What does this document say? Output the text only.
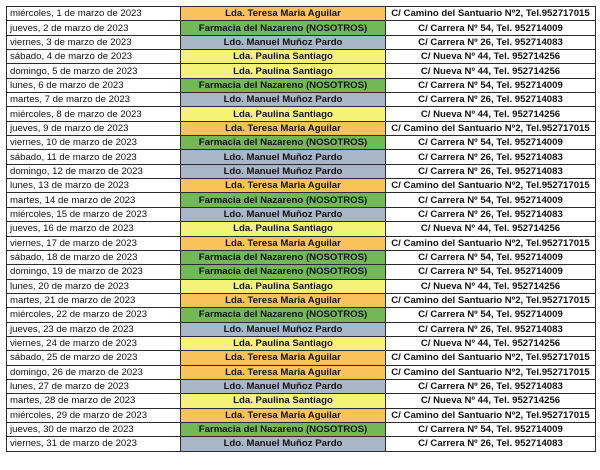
miércoles, 1 de marzo de 2023	Lda. Teresa Maria Aguilar	C/ Camino del Santuario Nº2, Tel.952717015
jueves, 2 de marzo de 2023	Farmacia del Nazareno (NOSOTROS)	C/ Carrera Nº 54, Tel. 952714009
viernes, 3 de marzo de 2023	Ldo. Manuel Muñoz Pardo	C/ Carrera Nº 26, Tel. 952714083
sábado, 4 de marzo de 2023	Lda. Paulina Santiago	C/ Nueva Nº 44, Tel. 952714256
domingo, 5 de marzo de 2023	Lda. Paulina Santiago	C/ Nueva Nº 44, Tel. 952714256
lunes, 6 de marzo de 2023	Farmacia del Nazareno (NOSOTROS)	C/ Carrera Nº 54, Tel. 952714009
martes, 7 de marzo de 2023	Ldo. Manuel Muñoz Pardo	C/ Carrera Nº 26, Tel. 952714083
miércoles, 8 de marzo de 2023	Lda. Paulina Santiago	C/ Nueva Nº 44, Tel. 952714256
jueves, 9 de marzo de 2023	Lda. Teresa Maria Aguilar	C/ Camino del Santuario Nº2, Tel.952717015
viernes, 10 de marzo de 2023	Farmacia del Nazareno (NOSOTROS)	C/ Carrera Nº 54, Tel. 952714009
sábado, 11 de marzo de 2023	Ldo. Manuel Muñoz Pardo	C/ Carrera Nº 26, Tel. 952714083
domingo, 12 de marzo de 2023	Ldo. Manuel Muñoz Pardo	C/ Carrera Nº 26, Tel. 952714083
lunes, 13 de marzo de 2023	Lda. Teresa Maria Aguilar	C/ Camino del Santuario Nº2, Tel.952717015
martes, 14 de marzo de 2023	Farmacia del Nazareno (NOSOTROS)	C/ Carrera Nº 54, Tel. 952714009
miércoles, 15 de marzo de 2023	Ldo. Manuel Muñoz Pardo	C/ Carrera Nº 26, Tel. 952714083
jueves, 16 de marzo de 2023	Lda. Paulina Santiago	C/ Nueva Nº 44, Tel. 952714256
viernes, 17 de marzo de 2023	Lda. Teresa Maria Aguilar	C/ Camino del Santuario Nº2, Tel.952717015
sábado, 18 de marzo de 2023	Farmacia del Nazareno (NOSOTROS)	C/ Carrera Nº 54, Tel. 952714009
domingo, 19 de marzo de 2023	Farmacia del Nazareno (NOSOTROS)	C/ Carrera Nº 54, Tel. 952714009
lunes, 20 de marzo de 2023	Lda. Paulina Santiago	C/ Nueva Nº 44, Tel. 952714256
martes, 21 de marzo de 2023	Lda. Teresa Maria Aguilar	C/ Camino del Santuario Nº2, Tel.952717015
miércoles, 22 de marzo de 2023	Farmacia del Nazareno (NOSOTROS)	C/ Carrera Nº 54, Tel. 952714009
jueves, 23 de marzo de 2023	Ldo. Manuel Muñoz Pardo	C/ Carrera Nº 26, Tel. 952714083
viernes, 24 de marzo de 2023	Lda. Paulina Santiago	C/ Nueva Nº 44, Tel. 952714256
sábado, 25 de marzo de 2023	Lda. Teresa Maria Aguilar	C/ Camino del Santuario Nº2, Tel.952717015
domingo, 26 de marzo de 2023	Lda. Teresa Maria Aguilar	C/ Camino del Santuario Nº2, Tel.952717015
lunes, 27 de marzo de 2023	Ldo. Manuel Muñoz Pardo	C/ Carrera Nº 26, Tel. 952714083
martes, 28 de marzo de 2023	Lda. Paulina Santiago	C/ Nueva Nº 44, Tel. 952714256
miércoles, 29 de marzo de 2023	Lda. Teresa Maria Aguilar	C/ Camino del Santuario Nº2, Tel.952717015
jueves, 30 de marzo de 2023	Farmacia del Nazareno (NOSOTROS)	C/ Carrera Nº 54, Tel. 952714009
viernes, 31 de marzo de 2023	Ldo. Manuel Muñoz Pardo	C/ Carrera Nº 26, Tel. 952714083
